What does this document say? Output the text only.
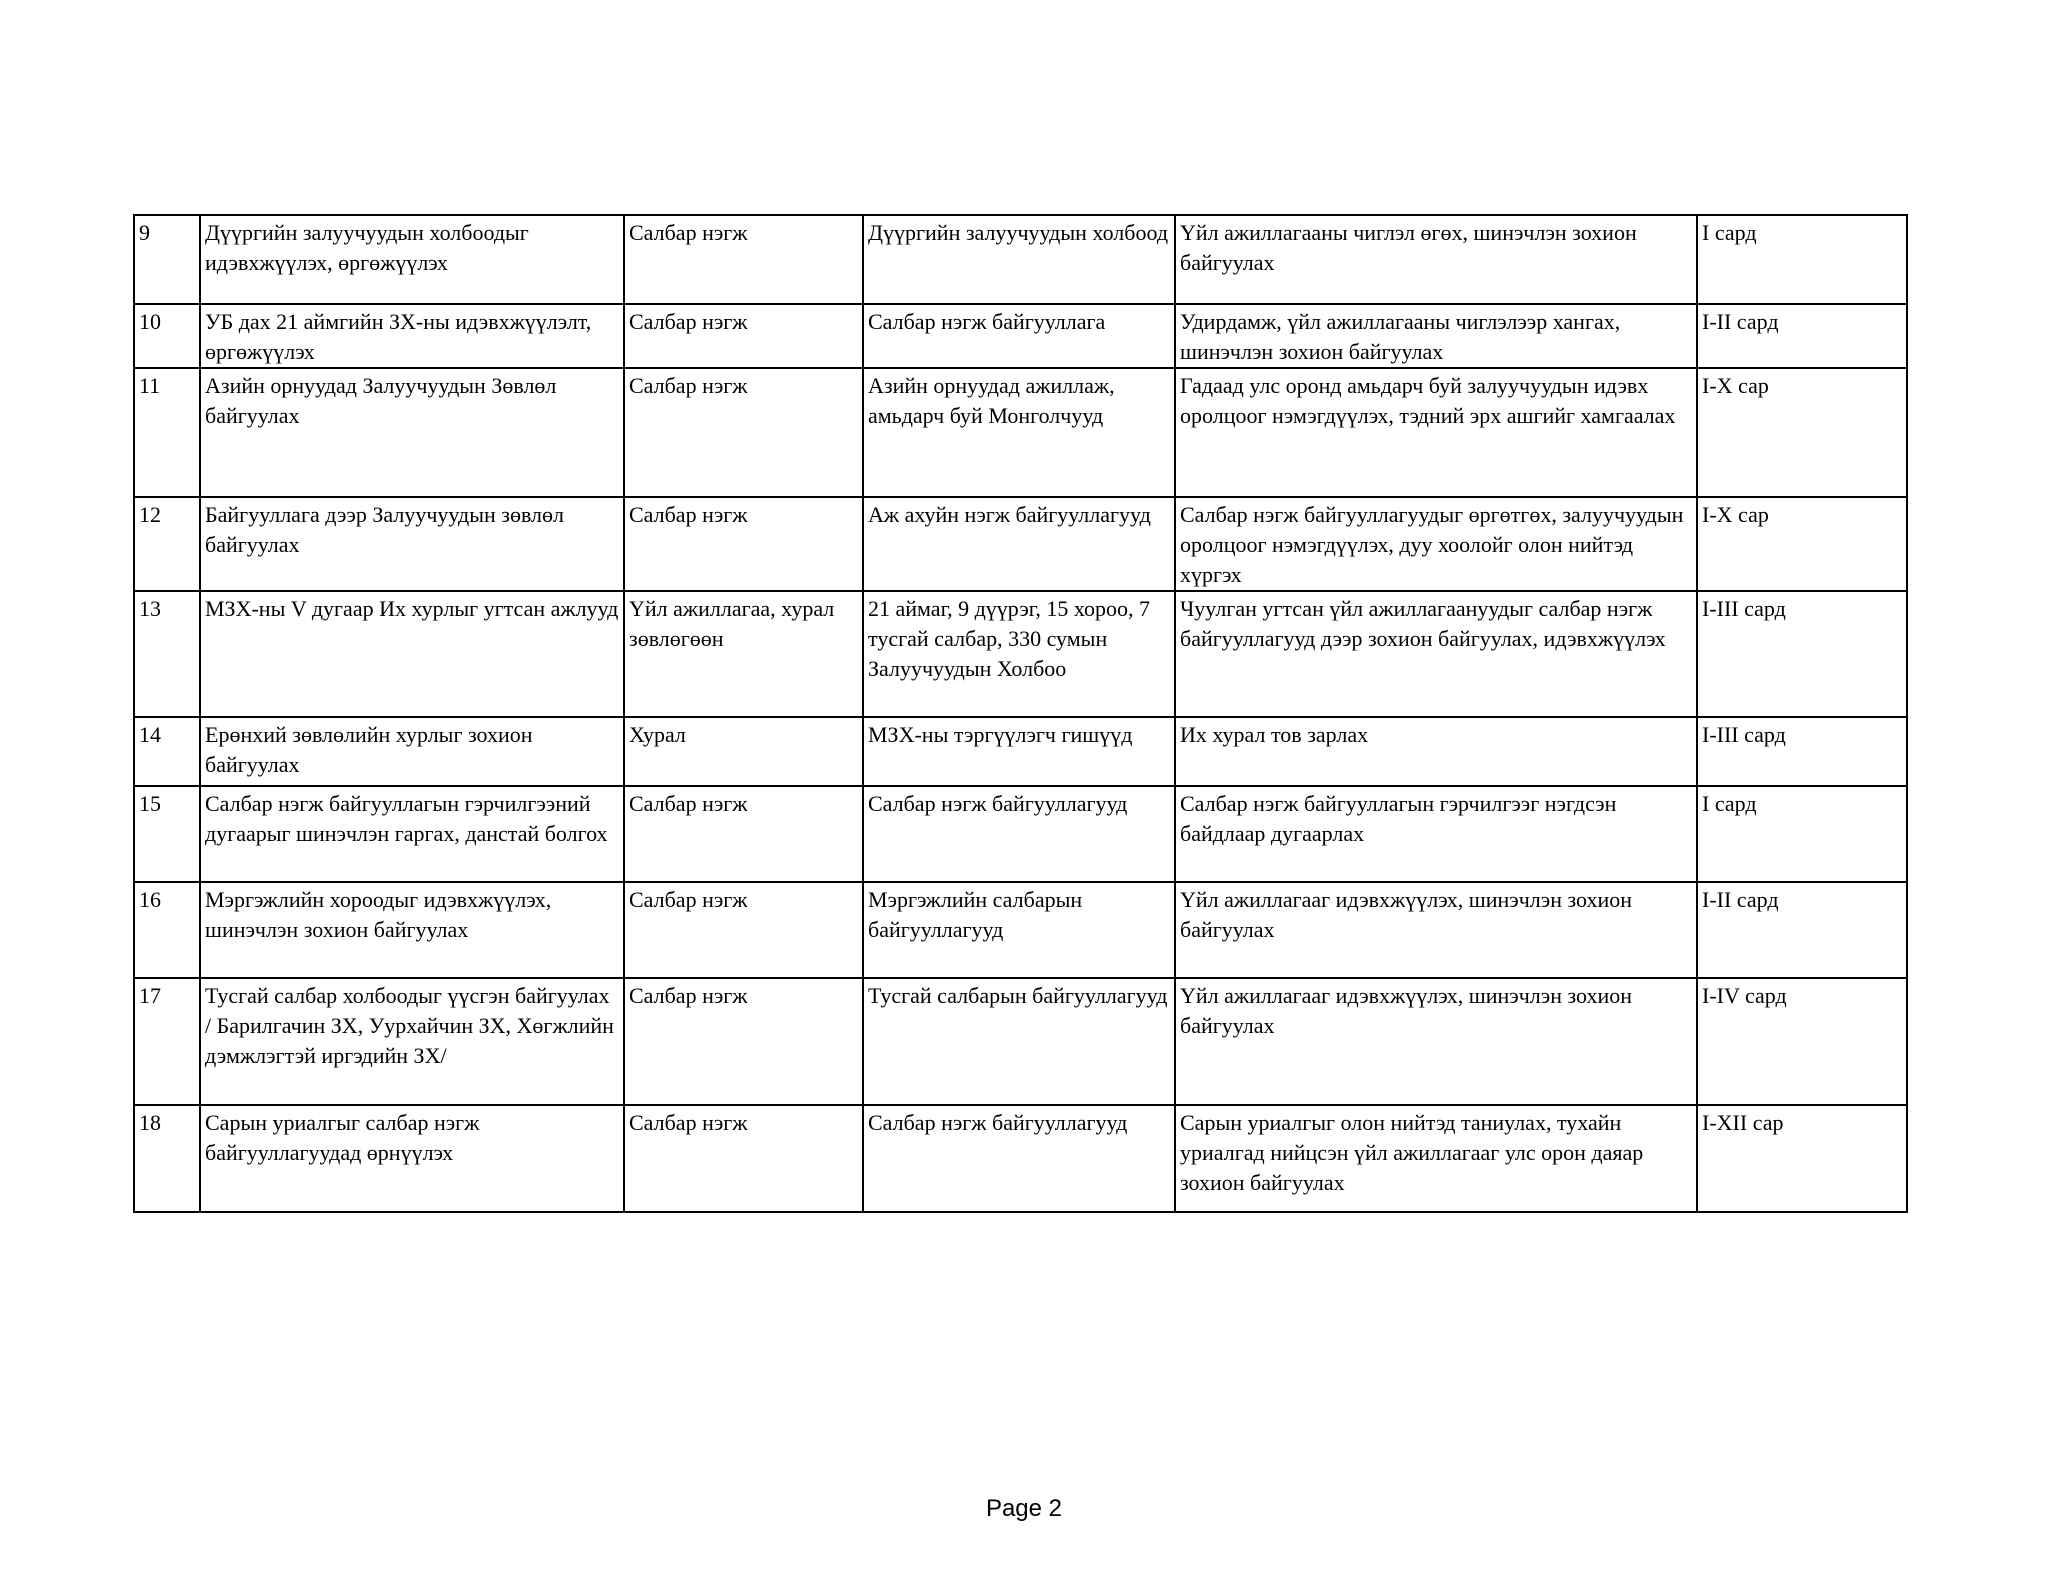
9	Дүүргийн залуучуудын холбоодыг идэвхжүүлэх, өргөжүүлэх	Салбар нэгж	Дүүргийн залуучуудын холбоод	Үйл ажиллагааны чиглэл өгөх, шинэчлэн зохион байгуулах	I сард
10	УБ дах 21 аймгийн ЗХ-ны идэвхжүүлэлт, өргөжүүлэх	Салбар нэгж	Салбар нэгж байгууллага	Удирдамж, үйл ажиллагааны чиглэлээр хангах, шинэчлэн зохион байгуулах	I-II сард
11	Азийн орнуудад Залуучуудын Зөвлөл байгуулах	Салбар нэгж	Азийн орнуудад ажиллаж, амьдарч буй Монголчууд	Гадаад улс оронд амьдарч буй залуучуудын идэвх оролцоог нэмэгдүүлэх, тэдний эрх ашгийг хамгаалах	I-X сар
12	Байгууллага дээр Залуучуудын зөвлөл байгуулах	Салбар нэгж	Аж ахуйн нэгж байгууллагууд	Салбар нэгж байгууллагуудыг өргөтгөх, залуучуудын оролцоог нэмэгдүүлэх, дуу хоолойг олон нийтэд хүргэх	I-X сар
13	МЗХ-ны V дугаар Их хурлыг угтсан ажлууд	Үйл ажиллагаа, хурал зөвлөгөөн	21 аймаг, 9 дүүрэг, 15 хороо, 7 тусгай салбар, 330 сумын Залуучуудын Холбоо	Чуулган угтсан үйл ажиллагаануудыг салбар нэгж байгууллагууд дээр зохион байгуулах, идэвхжүүлэх	I-III сард
14	Ерөнхий зөвлөлийн хурлыг зохион байгуулах	Хурал	МЗХ-ны тэргүүлэгч гишүүд	Их хурал тов зарлах	I-III сард
15	Салбар нэгж байгууллагын гэрчилгээний дугаарыг шинэчлэн гаргах, данстай болгох	Салбар нэгж	Салбар нэгж байгууллагууд	Салбар нэгж байгууллагын гэрчилгээг нэгдсэн байдлаар дугаарлах	I сард
16	Мэргэжлийн хороодыг идэвхжүүлэх, шинэчлэн зохион байгуулах	Салбар нэгж	Мэргэжлийн салбарын байгууллагууд	Үйл ажиллагааг идэвхжүүлэх, шинэчлэн зохион байгуулах	I-II сард
17	Тусгай салбар холбоодыг үүсгэн байгуулах / Барилгачин ЗХ, Уурхайчин ЗХ, Хөгжлийн дэмжлэгтэй иргэдийн ЗХ/	Салбар нэгж	Тусгай салбарын байгууллагууд	Үйл ажиллагааг идэвхжүүлэх, шинэчлэн зохион байгуулах	I-IV сард
18	Сарын уриалгыг салбар нэгж байгууллагуудад өрнүүлэх	Салбар нэгж	Салбар нэгж байгууллагууд	Сарын уриалгыг олон нийтэд таниулах, тухайн уриалгад нийцсэн үйл ажиллагааг улс орон даяар зохион байгуулах	I-XII сар
Page 2
